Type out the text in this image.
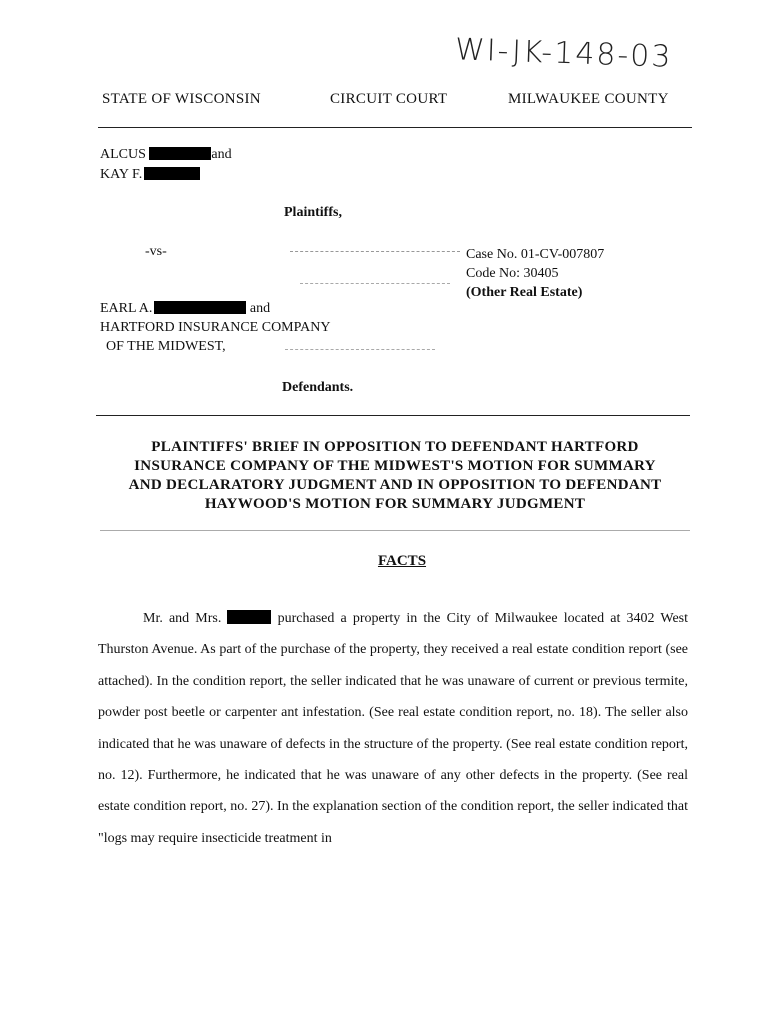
WI-JK-148-03
STATE OF WISCONSIN	CIRCUIT COURT	MILWAUKEE COUNTY
ALCUS	and
KAY F.
Plaintiffs,
-vs-	Case No. 01-CV-007807
Code No: 30405
(Other Real Estate)
EARL A.	and
HARTFORD INSURANCE COMPANY
OF THE MIDWEST,
Defendants.
PLAINTIFFS' BRIEF IN OPPOSITION TO DEFENDANT HARTFORD
INSURANCE COMPANY OF THE MIDWEST'S MOTION FOR SUMMARY
AND DECLARATORY JUDGMENT AND IN OPPOSITION TO DEFENDANT
HAYWOOD'S MOTION FOR SUMMARY JUDGMENT
FACTS
Mr. and Mrs.	purchased a property in the City of Milwaukee located at 3402 West Thurston Avenue. As part of the purchase of the property, they received a real estate condition report (see attached). In the condition report, the seller indicated that he was unaware of current or previous termite, powder post beetle or carpenter ant infestation. (See real estate condition report, no. 18). The seller also indicated that he was unaware of defects in the structure of the property. (See real estate condition report, no. 12). Furthermore, he indicated that he was unaware of any other defects in the property. (See real estate condition report, no. 27). In the explanation section of the condition report, the seller indicated that "logs may require insecticide treatment in
